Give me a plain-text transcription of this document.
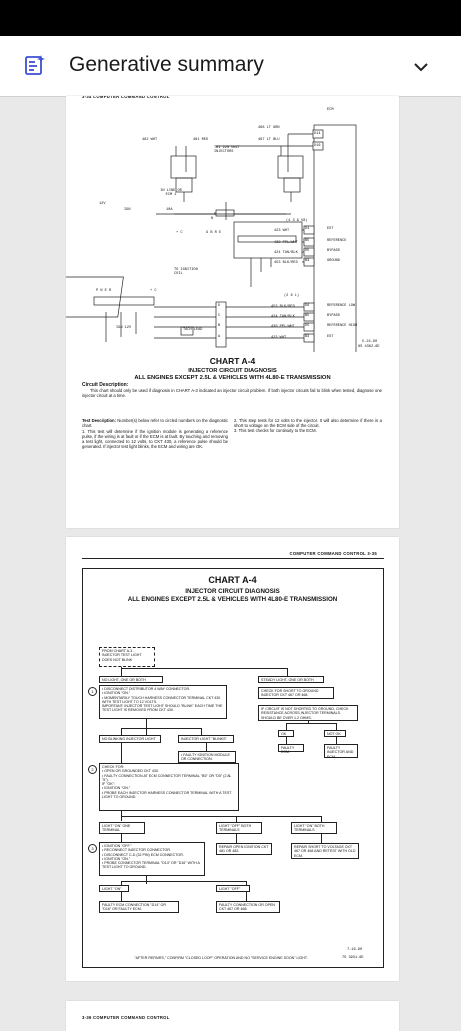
Generative summary
3-34 COMPUTER COMMAND CONTROL
ECM
468 LT GRN
467 LT BLU
482 WHT	481 RED
TBI 220 UNIT INJECTORS
IN LINE OR ECM 1
12V
IGN	10A
P
N
G B R E
+ C
(4 3 & V8)
423 WHT
430 PPL/WHT
424 TAN/BLK
453 BLK/RED
TO IGNITION COIL
P N E R	+ C
(2 8 L)
453 BLK/RED
424 TAN/BLK
430 PPL/WHT
423 WHT
IGN 12V	TACH LEAD
D14
D16
D4
B5
D5
B3
EST
REFERENCE
BYPASS
GROUND
D6
B5
D5
B3
REFERENCE LOW
BYPASS
REFERENCE HIGH
EST
D
C
B
A
5-24-90
8S 4382-6E
CHART A-4
INJECTOR CIRCUIT DIAGNOSIS
ALL ENGINES EXCEPT 2.5L & VEHICLES WITH 4L80-E TRANSMISSION
Circuit Description:
This chart should only be used if diagnosis in CHART A-3 indicated an injector circuit problem. If both injector circuits fail to blink when tested, diagnose one injector circuit at a time.
Test Description: Number(s) below refer to circled numbers on the diagnostic chart.
1. This test will determine if the ignition module is generating a reference pulse, if the wiring is at fault or if the ECM is at fault. By touching and removing a test light, connected to 12 volts, to CKT 430, a reference pulse should be generated. If injector test light blinks, the ECM and wiring are OK.
2. This step tests for 12 volts to the injector. It will also determine if there is a short to voltage on the ECM side of the circuit.
3. This test checks for continuity to the ECM.
COMPUTER COMMAND CONTROL 3-35
CHART A-4
INJECTOR CIRCUIT DIAGNOSIS
ALL ENGINES EXCEPT 2.5L & VEHICLES WITH 4L80-E TRANSMISSION
FROM CHART A-3 - INJECTOR TEST LIGHT DOES NOT BLINK
NO LIGHT, ONE OR BOTH	STEADY LIGHT, ONE OR BOTH
1	• DISCONNECT DISTRIBUTOR 4 WAY CONNECTOR.
• IGNITION "ON."
• MOMENTARILY TOUCH HARNESS CONNECTOR TERMINAL CKT 430 WITH TEST LIGHT TO 12 VOLTS.
IMPORTANT: INJECTOR TEST LIGHT SHOULD "BLINK" EACH TIME THE TEST LIGHT IS REMOVED FROM CKT 430.
CHECK FOR SHORT TO GROUND INJECTOR CKT 467 OR 468.
IF CIRCUIT IS NOT SHORTED TO GROUND, CHECK RESISTANCE ACROSS INJECTOR TERMINALS. SHOULD BE OVER 1.2 OHMS.
OK	NOT OK
FAULTY ECM.
FAULTY INJECTOR AND ECM.
NO BLINKING INJECTOR LIGHT	INJECTOR LIGHT "BLINKS"
• FAULTY IGNITION MODULE OR CONNECTION.
2	CHECK FOR:
• OPEN OR GROUNDED CKT 430.
• FAULTY CONNECTION AT ECM CONNECTOR TERMINAL "B5" OR "D5" (2.8L "5").
IF "OK":
• IGNITION "ON."
• PROBE EACH INJECTOR HARNESS CONNECTOR TERMINAL WITH A TEST LIGHT TO GROUND.
LIGHT "ON" ONE TERMINAL
LIGHT "OFF" BOTH TERMINALS
LIGHT "ON" BOTH TERMINALS
3	• IGNITION "OFF."
• RECONNECT INJECTOR CONNECTOR.
• DISCONNECT C-D (32 PIN) ECM CONNECTOR.
• IGNITION "ON."
• PROBE CONNECTOR TERMINAL "D14" OR "D16" WITH A TEST LIGHT TO GROUND.
REPAIR OPEN IGNITION CKT 481 OR 482.
REPAIR SHORT TO VOLTAGE CKT 467 OR 468 AND RETEST WITH OLD ECM.
LIGHT "ON"	LIGHT "OFF"
FAULTY ECM CONNECTION "D14" OR "D16" OR FAULTY ECM.
FAULTY CONNECTION OR OPEN CKT 467 OR 468.
7-16-90
"AFTER REPAIRS," CONFIRM "CLOSED LOOP" OPERATION AND NO "SERVICE ENGINE SOON" LIGHT.	7S 3931-6E
3-36 COMPUTER COMMAND CONTROL
